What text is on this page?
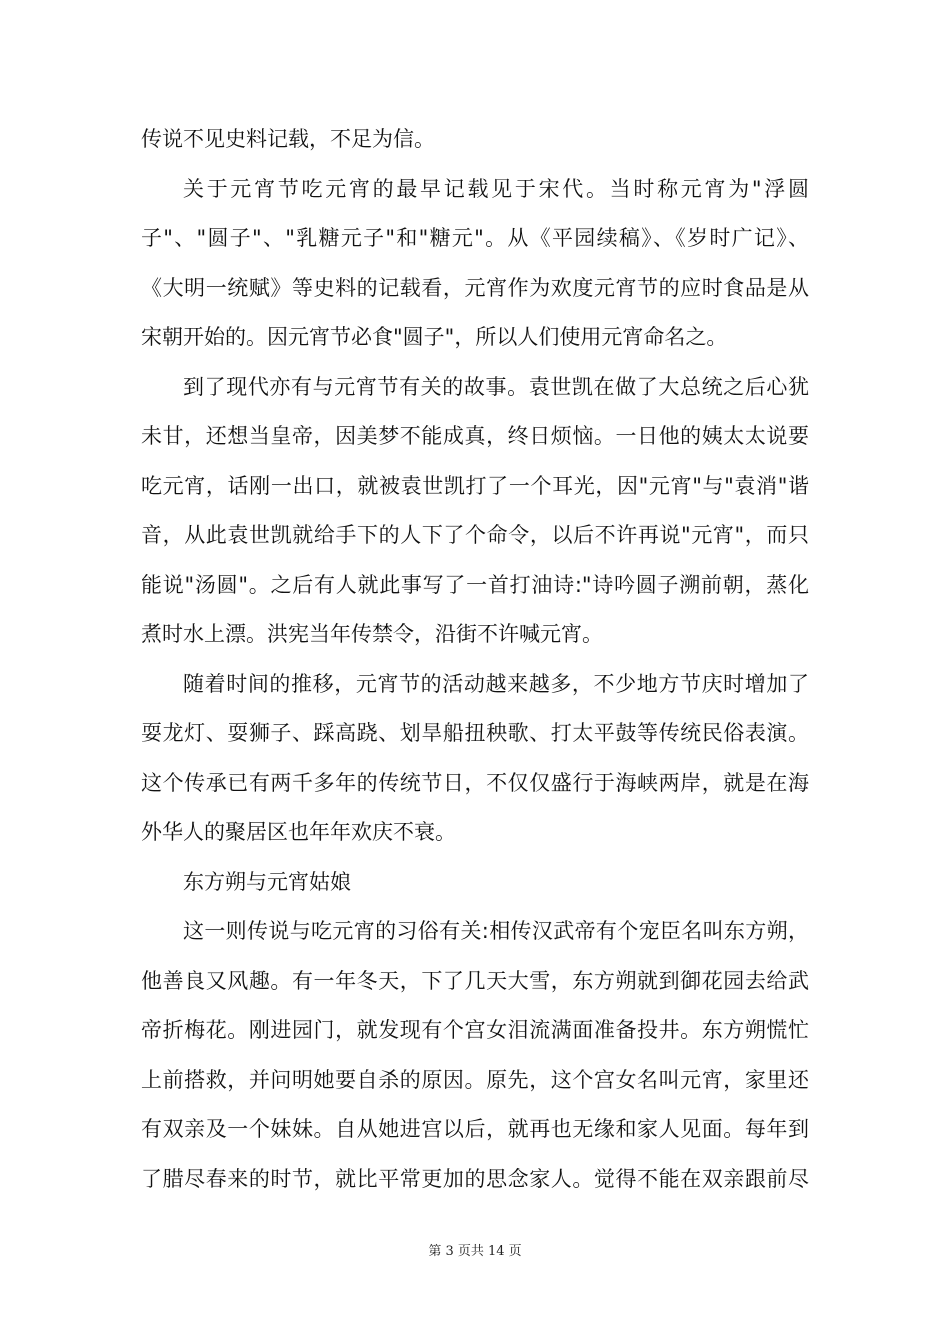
传说不见史料记载，不足为信。
关于元宵节吃元宵的最早记载见于宋代。当时称元宵为"浮圆
子"、"圆子"、"乳糖元子"和"糖元"。从《平园续稿》、《岁时广记》、
《大明一统赋》等史料的记载看，元宵作为欢度元宵节的应时食品是从
宋朝开始的。因元宵节必食"圆子"，所以人们使用元宵命名之。
到了现代亦有与元宵节有关的故事。袁世凯在做了大总统之后心犹
未甘，还想当皇帝，因美梦不能成真，终日烦恼。一日他的姨太太说要
吃元宵，话刚一出口，就被袁世凯打了一个耳光，因"元宵"与"袁消"谐
音，从此袁世凯就给手下的人下了个命令，以后不许再说"元宵"，而只
能说"汤圆"。之后有人就此事写了一首打油诗:"诗吟圆子溯前朝，蒸化
煮时水上漂。洪宪当年传禁令，沿街不许喊元宵。
随着时间的推移，元宵节的活动越来越多，不少地方节庆时增加了
耍龙灯、耍狮子、踩高跷、划旱船扭秧歌、打太平鼓等传统民俗表演。
这个传承已有两千多年的传统节日，不仅仅盛行于海峡两岸，就是在海
外华人的聚居区也年年欢庆不衰。
东方朔与元宵姑娘
这一则传说与吃元宵的习俗有关:相传汉武帝有个宠臣名叫东方朔，
他善良又风趣。有一年冬天，下了几天大雪，东方朔就到御花园去给武
帝折梅花。刚进园门，就发现有个宫女泪流满面准备投井。东方朔慌忙
上前搭救，并问明她要自杀的原因。原先，这个宫女名叫元宵，家里还
有双亲及一个妹妹。自从她进宫以后，就再也无缘和家人见面。每年到
了腊尽春来的时节，就比平常更加的思念家人。觉得不能在双亲跟前尽
第 3 页共 14 页
